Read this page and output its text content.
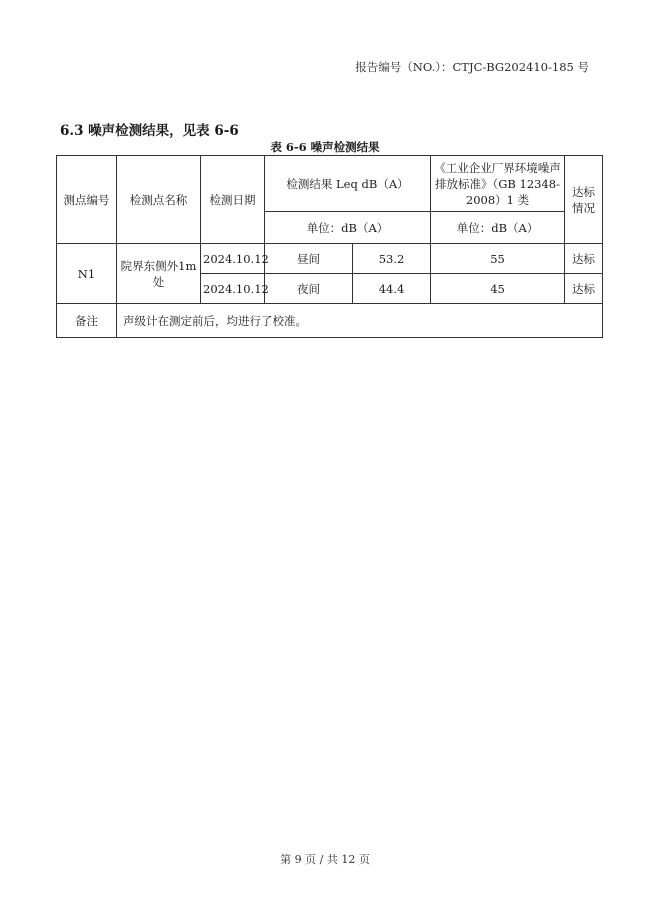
报告编号（NO.）：CTJC-BG202410-185 号
6.3 噪声检测结果，见表 6-6
表 6-6 噪声检测结果
测点编号	检测点名称	检测日期	检测结果 Leq dB（A）		《工业企业厂界环境噪声排放标准》（GB 12348-2008）1 类	达标情况
			单位：dB（A）		单位：dB（A）	
N1	院界东侧外1m 处	2024.10.12	昼间	53.2	55	达标
		2024.10.12	夜间	44.4	45	达标
备注	声级计在测定前后，均进行了校准。					
第 9 页 / 共 12 页
